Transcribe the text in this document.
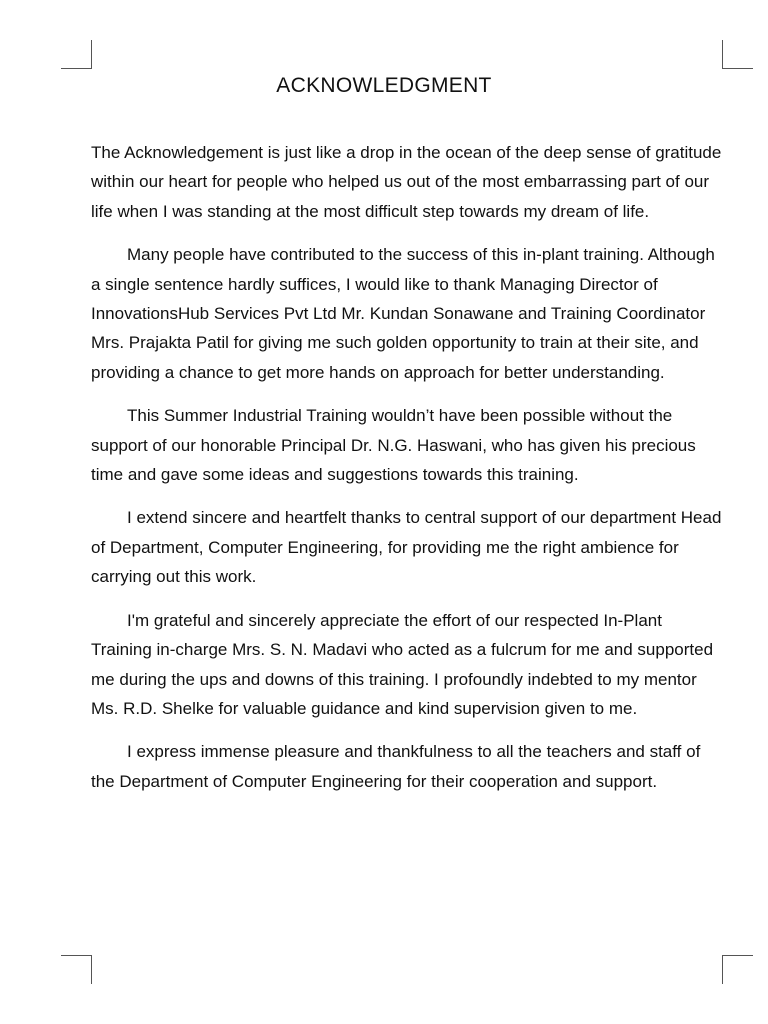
ACKNOWLEDGMENT

The Acknowledgement is just like a drop in the ocean of the deep sense of gratitude within our heart for people who helped us out of the most embarrassing part of our life when I was standing at the most difficult step towards my dream of life.

Many people have contributed to the success of this in-plant training. Although a single sentence hardly suffices, I would like to thank Managing Director of InnovationsHub Services Pvt Ltd Mr. Kundan Sonawane and Training Coordinator Mrs. Prajakta Patil for giving me such golden opportunity to train at their site, and providing a chance to get more hands on approach for better understanding.

This Summer Industrial Training wouldn’t have been possible without the support of our honorable Principal Dr. N.G. Haswani, who has given his precious time and gave some ideas and suggestions towards this training.

I extend sincere and heartfelt thanks to central support of our department Head of Department, Computer Engineering, for providing me the right ambience for carrying out this work.

I'm grateful and sincerely appreciate the effort of our respected In-Plant Training in-charge Mrs. S. N. Madavi who acted as a fulcrum for me and supported me during the ups and downs of this training. I profoundly indebted to my mentor Ms. R.D. Shelke for valuable guidance and kind supervision given to me.

I express immense pleasure and thankfulness to all the teachers and staff of the Department of Computer Engineering for their cooperation and support.
